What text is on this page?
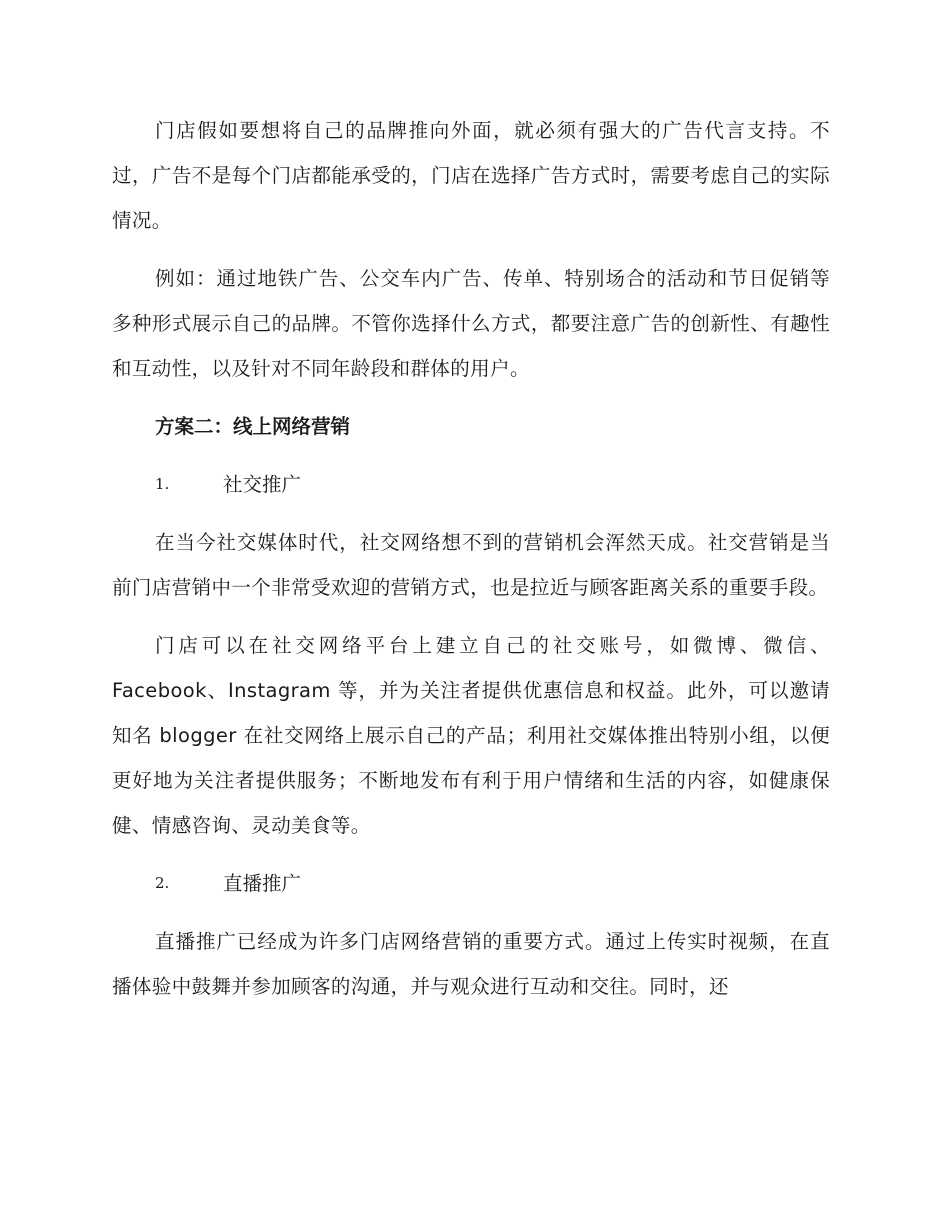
门店假如要想将自己的品牌推向外面，就必须有强大的广告代言支持。不过，广告不是每个门店都能承受的，门店在选择广告方式时，需要考虑自己的实际情况。

例如：通过地铁广告、公交车内广告、传单、特别场合的活动和节日促销等多种形式展示自己的品牌。不管你选择什么方式，都要注意广告的创新性、有趣性和互动性，以及针对不同年龄段和群体的用户。

方案二：线上网络营销
1.	社交推广

在当今社交媒体时代，社交网络想不到的营销机会浑然天成。社交营销是当前门店营销中一个非常受欢迎的营销方式，也是拉近与顾客距离关系的重要手段。

门店可以在社交网络平台上建立自己的社交账号，如微博、微信、Facebook、Instagram 等，并为关注者提供优惠信息和权益。此外，可以邀请知名 blogger 在社交网络上展示自己的产品；利用社交媒体推出特别小组，以便更好地为关注者提供服务；不断地发布有利于用户情绪和生活的内容，如健康保健、情感咨询、灵动美食等。

2.	直播推广

直播推广已经成为许多门店网络营销的重要方式。通过上传实时视频，在直播体验中鼓舞并参加顾客的沟通，并与观众进行互动和交往。同时，还
